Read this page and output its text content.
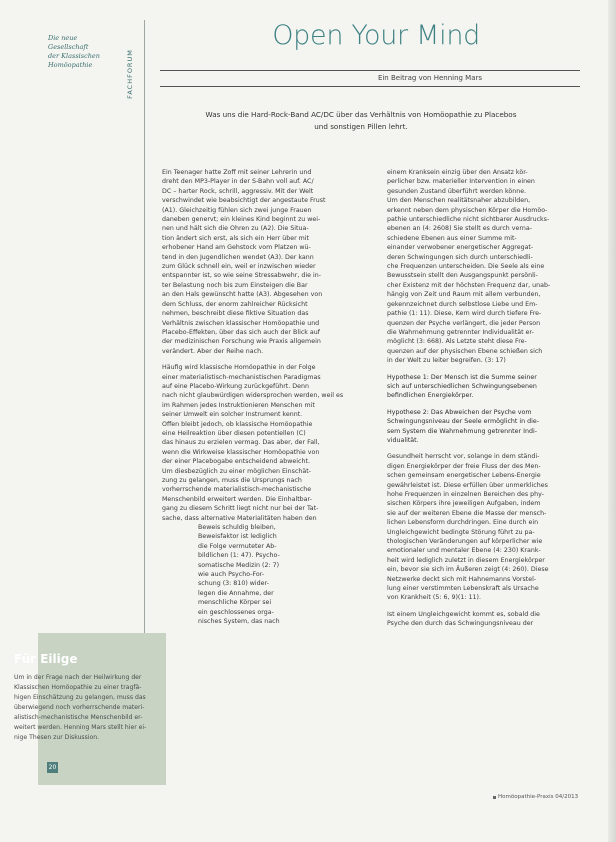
Die neue
Gesellschaft
der Klassischen
Homöopathie	FACHFORUM
Open Your Mind
Ein Beitrag von Henning Mars
Was uns die Hard-Rock-Band AC/DC über das Verhältnis von Homöopathie zu Placebos
und sonstigen Pillen lehrt.
Ein Teenager hatte Zoff mit seiner Lehrerin und
dreht den MP3-Player in der S-Bahn voll auf. AC/
DC – harter Rock, schrill, aggressiv. Mit der Welt
verschwindet wie beabsichtigt der angestaute Frust
(A1). Gleichzeitig fühlen sich zwei junge Frauen
daneben genervt; ein kleines Kind beginnt zu wei-
nen und hält sich die Ohren zu (A2). Die Situa-
tion ändert sich erst, als sich ein Herr über mit
erhobener Hand am Gehstock vom Platzen wü-
tend in den Jugendlichen wendet (A3). Der kann
zum Glück schnell ein, weil er inzwischen wieder
entspannter ist, so wie seine Stressabwehr, die in-
ter Belastung noch bis zum Einsteigen die Bar
an den Hals gewünscht hatte (A3). Abgesehen von
dem Schluss, der enorm zahlreicher Rücksicht
nehmen, beschreibt diese fiktive Situation das
Verhältnis zwischen klassischer Homöopathie und
Placebo-Effekten, über das sich auch der Blick auf
der medizinischen Forschung wie Praxis allgemein
verändert. Aber der Reihe nach.
Häufig wird klassische Homöopathie in der Folge
einer materialistisch-mechanistischen Paradigmas
auf eine Placebo-Wirkung zurückgeführt. Denn
nach nicht glaubwürdigen widersprochen werden, weil es
im Rahmen jedes Instruktionieren Menschen mit
seiner Umwelt ein solcher Instrument kennt.
Offen bleibt jedoch, ob klassische Homöopathie
eine Heilreaktion über diesen potentiellen (C)
das hinaus zu erzielen vermag. Das aber, der Fall,
wenn die Wirkweise klassischer Homöopathie von
der einer Placebogabe entscheidend abweicht.
Um diesbezüglich zu einer möglichen Einschät-
zung zu gelangen, muss die Ursprungs nach
vorherrschende materialistisch-mechanistische
Menschenbild erweitert werden. Die Einhaltbar-
gang zu diesem Schritt liegt nicht nur bei der Tat-
sache, dass alternative Materialitäten haben den
Beweis schuldig bleiben,
Beweisfaktor ist lediglich
die Folge vermuteter Ab-
bildlichen (1: 47). Psycho-
somatische Medizin (2: 7)
wie auch Psycho-For-
schung (3: 810) wider-
legen die Annahme, der
menschliche Körper sei
ein geschlossenes orga-
nisches System, das nach
einem Kranksein einzig über den Ansatz kör-
perlicher bzw. materieller Intervention in einen
gesunden Zustand überführt werden könne.
Um den Menschen realitätsnaher abzubilden,
erkennt neben dem physischen Körper die Homöo-
pathie unterschiedliche nicht sichtbarer Ausdrucks-
ebenen an (4: 2608) Sie stellt es durch verna-
schiedene Ebenen aus einer Summe mit-
einander verwobener energetischer Aggregat-
deren Schwingungen sich durch unterschiedli-
che Frequenzen unterscheiden. Die Seele als eine
Bewusstsein stellt den Ausgangspunkt persönli-
cher Existenz mit der höchsten Frequenz dar, unab-
hängig von Zeit und Raum mit allem verbunden,
gekennzeichnet durch selbstlose Liebe und Em-
pathie (1: 11). Diese, Kern wird durch tiefere Fre-
quenzen der Psyche verlängert, die jeder Person
die Wahrnehmung getrennter Individualität er-
möglicht (3: 668). Als Letzte steht diese Fre-
quenzen auf der physischen Ebene schießen sich
in der Welt zu leiter begreifen. (3: 17)
Hypothese 1: Der Mensch ist die Summe seiner
sich auf unterschiedlichen Schwingungsebenen
befindlichen Energiekörper.
Hypothese 2: Das Abweichen der Psyche vom
Schwingungsniveau der Seele ermöglicht in die-
sem System die Wahrnehmung getrennter Indi-
vidualität.
Gesundheit herrscht vor, solange in dem ständi-
digen Energiekörper der freie Fluss der des Men-
schen gemeinsam energetischer Lebens-Energie
gewährleistet ist. Diese erfüllen über unmerkliches
hohe Frequenzen in einzelnen Bereichen des phy-
sischen Körpers ihre jeweiligen Aufgaben, indem
sie auf der weiteren Ebene die Masse der mensch-
lichen Lebensform durchdringen. Eine durch ein
Ungleichgewicht bedingte Störung führt zu pa-
thologischen Veränderungen auf körperlicher wie
emotionaler und mentaler Ebene (4: 230) Krank-
heit wird lediglich zuletzt in diesem Energiekörper
ein, bevor sie sich im Äußeren zeigt (4: 260). Diese
Netzwerke deckt sich mit Hahnemanns Vorstel-
lung einer verstimmten Lebenskraft als Ursache
von Krankheit (5: 6, 9)(1: 11).
Ist einem Ungleichgewicht kommt es, sobald die
Psyche den durch das Schwingungsniveau der
Für Eilige
Um in der Frage nach der Heilwirkung der
Klassischen Homöopathie zu einer tragfä-
higen Einschätzung zu gelangen, muss das
überwiegend noch vorherrschende materi-
alistisch-mechanistische Menschenbild er-
weitert werden. Henning Mars stellt hier ei-
nige Thesen zur Diskussion.
20
Homöopathie-Praxis 04/2013
